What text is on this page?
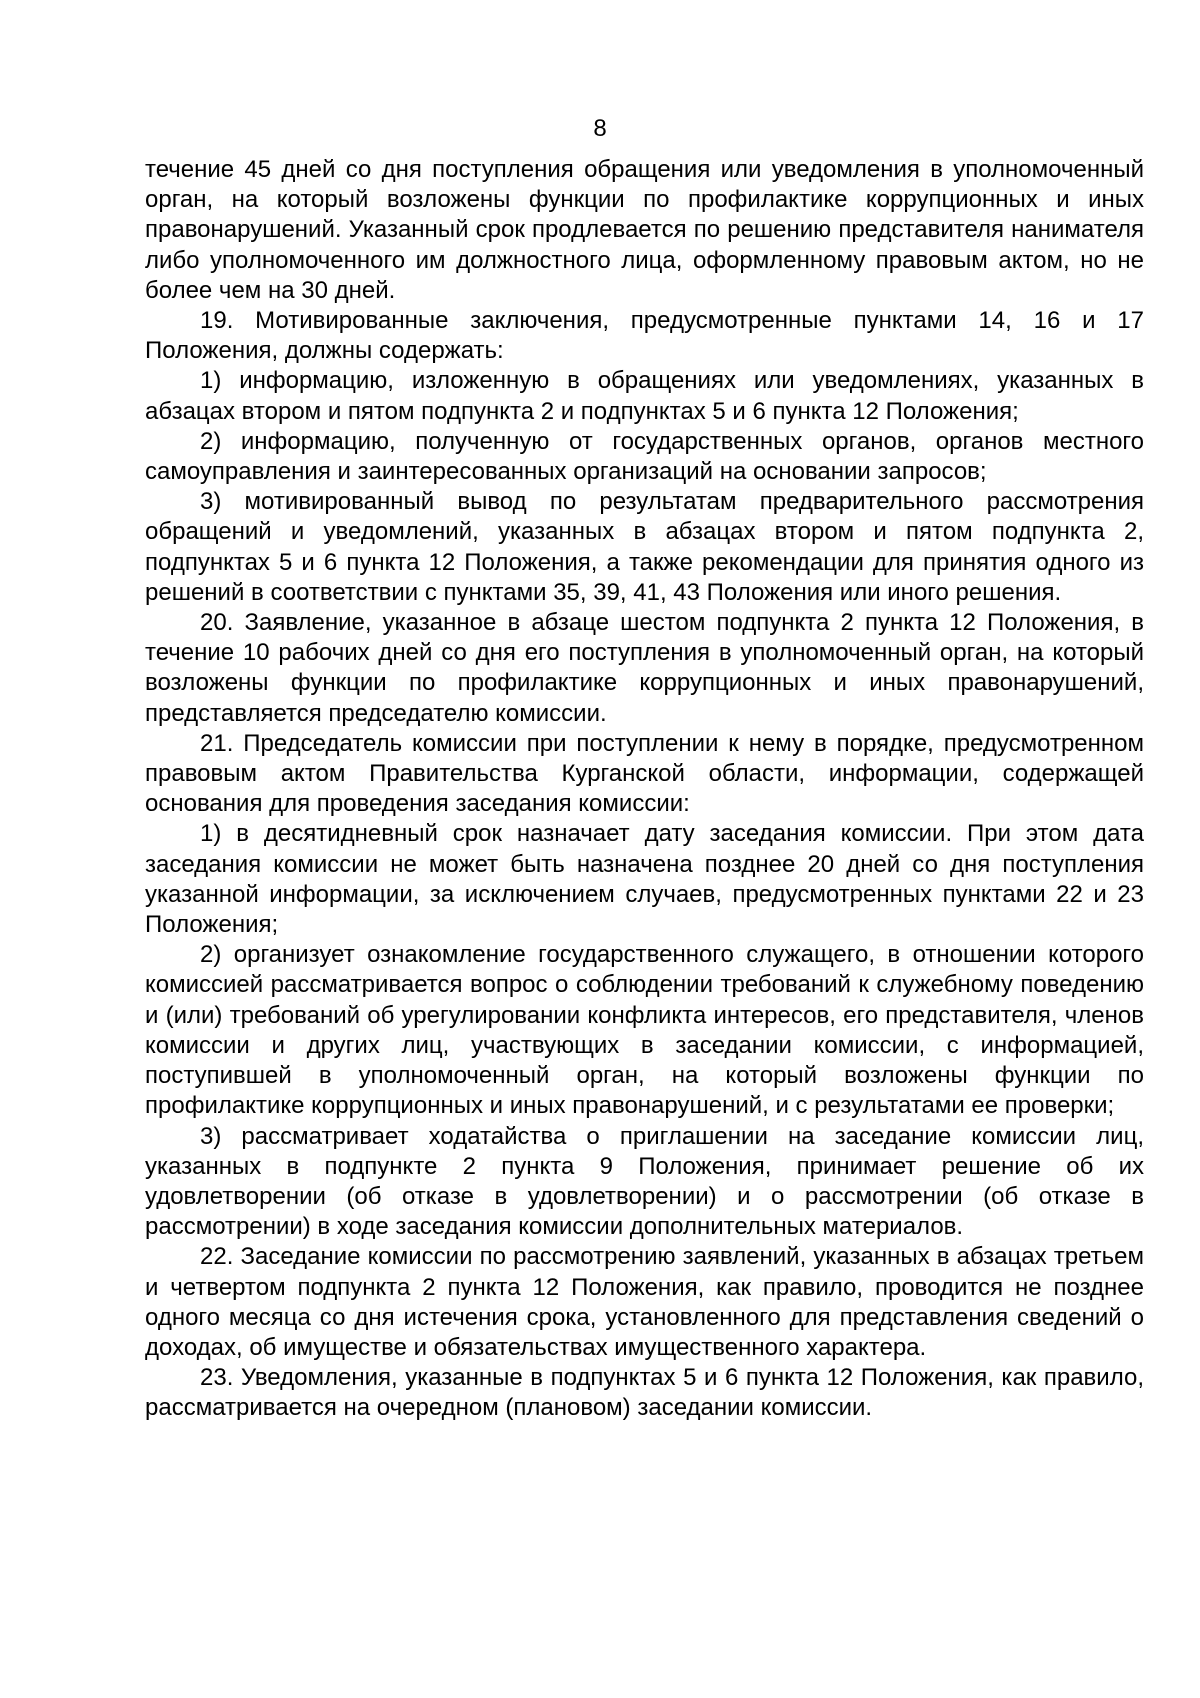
8

течение 45 дней со дня поступления обращения или уведомления в уполномоченный орган, на который возложены функции по профилактике коррупционных и иных правонарушений. Указанный срок продлевается по решению представителя нанимателя либо уполномоченного им должностного лица, оформленному правовым актом, но не более чем на 30 дней.

19. Мотивированные заключения, предусмотренные пунктами 14, 16 и 17 Положения, должны содержать:

1) информацию, изложенную в обращениях или уведомлениях, указанных в абзацах втором и пятом подпункта 2 и подпунктах 5 и 6 пункта 12 Положения;

2) информацию, полученную от государственных органов, органов местного самоуправления и заинтересованных организаций на основании запросов;

3) мотивированный вывод по результатам предварительного рассмотрения обращений и уведомлений, указанных в абзацах втором и пятом подпункта 2, подпунктах 5 и 6 пункта 12 Положения, а также рекомендации для принятия одного из решений в соответствии с пунктами 35, 39, 41, 43 Положения или иного решения.

20. Заявление, указанное в абзаце шестом подпункта 2 пункта 12 Положения, в течение 10 рабочих дней со дня его поступления в уполномоченный орган, на который возложены функции по профилактике коррупционных и иных правонарушений, представляется председателю комиссии.

21. Председатель комиссии при поступлении к нему в порядке, предусмотренном правовым актом Правительства Курганской области, информации, содержащей основания для проведения заседания комиссии:

1) в десятидневный срок назначает дату заседания комиссии. При этом дата заседания комиссии не может быть назначена позднее 20 дней со дня поступления указанной информации, за исключением случаев, предусмотренных пунктами 22 и 23 Положения;

2) организует ознакомление государственного служащего, в отношении которого комиссией рассматривается вопрос о соблюдении требований к служебному поведению и (или) требований об урегулировании конфликта интересов, его представителя, членов комиссии и других лиц, участвующих в заседании комиссии, с информацией, поступившей в уполномоченный орган, на который возложены функции по профилактике коррупционных и иных правонарушений, и с результатами ее проверки;

3) рассматривает ходатайства о приглашении на заседание комиссии лиц, указанных в подпункте 2 пункта 9 Положения, принимает решение об их удовлетворении (об отказе в удовлетворении) и о рассмотрении (об отказе в рассмотрении) в ходе заседания комиссии дополнительных материалов.

22. Заседание комиссии по рассмотрению заявлений, указанных в абзацах третьем и четвертом подпункта 2 пункта 12 Положения, как правило, проводится не позднее одного месяца со дня истечения срока, установленного для представления сведений о доходах, об имуществе и обязательствах имущественного характера.

23. Уведомления, указанные в подпунктах 5 и 6 пункта 12 Положения, как правило, рассматривается на очередном (плановом) заседании комиссии.
